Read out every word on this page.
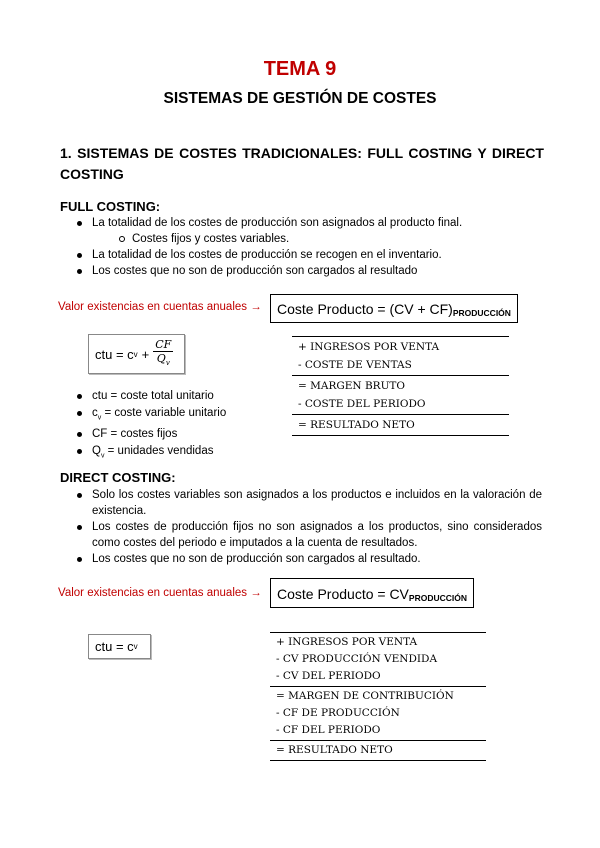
TEMA 9
SISTEMAS DE GESTIÓN DE COSTES
1. SISTEMAS DE COSTES TRADICIONALES: FULL COSTING Y DIRECT COSTING
FULL COSTING:
La totalidad de los costes de producción son asignados al producto final.
Costes fijos y costes variables.
La totalidad de los costes de producción se recogen en el inventario.
Los costes que no son de producción son cargados al resultado
Valor existencias en cuentas anuales →	Coste Producto = $(CV + CF)_{PRODUCCIÓN}$
ctu = c $v + \frac{CF}{Q_v}$
ctu = coste total unitario
$c_v$ = coste variable unitario
CF = costes fijos
$Q_v$ = unidades vendidas
+ INGRESOS POR VENTA
- COSTE DE VENTAS
= MARGEN BRUTO
- COSTE DEL PERIODO
= RESULTADO NETO
DIRECT COSTING:
Solo los costes variables son asignados a los productos e incluidos en la valoración de existencia.
Los costes de producción fijos no son asignados a los productos, sino considerados como costes del periodo e imputados a la cuenta de resultados.
Los costes que no son de producción son cargados al resultado.
Valor existencias en cuentas anuales →	Coste Producto = $CV_{PRODUCCIÓN}$
ctu = c v	+ INGRESOS POR VENTA
- CV PRODUCCIÓN VENDIDA
- CV DEL PERIODO
= MARGEN DE CONTRIBUCIÓN
- CF DE PRODUCCIÓN
- CF DEL PERIODO
= RESULTADO NETO
